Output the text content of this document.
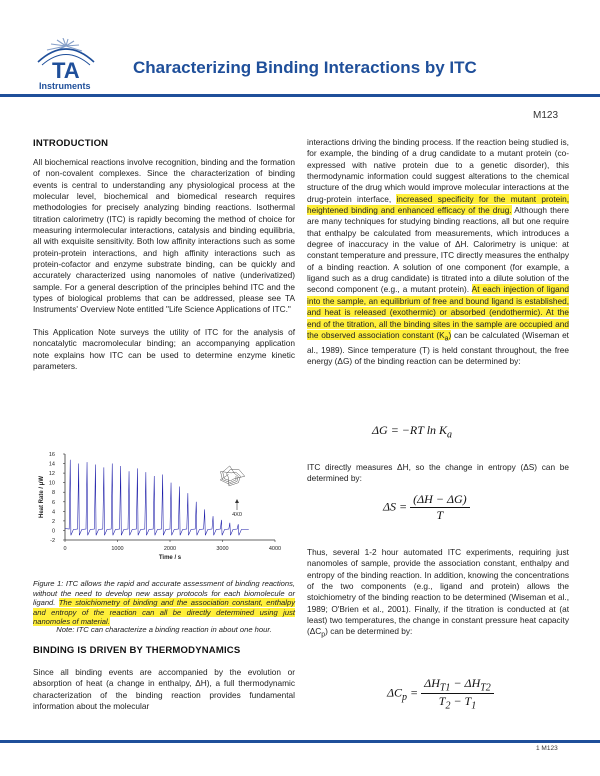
TA
Instruments
Characterizing Binding Interactions by ITC
M123
INTRODUCTION

All biochemical reactions involve recognition, binding and the formation of non-covalent complexes. Since the characterization of binding events is central to understanding any physiological process at the molecular level, biochemical and biomedical research requires methodologies for precisely analyzing binding reactions. Isothermal titration calorimetry (ITC) is rapidly becoming the method of choice for measuring intermolecular interactions, catalysis and binding equilibria, all with exquisite sensitivity. Both low affinity interactions such as some protein-protein interactions, and high affinity interactions such as protein-cofactor and enzyme substrate binding, can be quickly and accurately characterized using nanomoles of native (underivatized) sample. For a general description of the principles behind ITC and the types of biological problems that can be addressed, please see TA Instruments' Overview Note entitled "Life Science Applications of ITC."

This Application Note surveys the utility of ITC for the analysis of noncatalytic macromolecular binding; an accompanying application note explains how ITC can be used to determine enzyme kinetic parameters.

-2
0
2
4
6
8
10
12
14
16
0	1000	2000	3000	4000
Time / s
Heat Rate / μW	4X0
Figure 1: ITC allows the rapid and accurate assessment of binding reactions, without the need to develop new assay protocols for each biomolecule or ligand. The stoichiometry of binding and the association constant, enthalpy and entropy of the reaction can all be directly determined using just nanomoles of material.
Note: ITC can characterize a binding reaction in about one hour.
BINDING IS DRIVEN BY THERMODYNAMICS

Since all binding events are accompanied by the evolution or absorption of heat (a change in enthalpy, ΔH), a full thermodynamic characterization of the binding reaction provides fundamental information about the molecular

interactions driving the binding process. If the reaction being studied is, for example, the binding of a drug candidate to a mutant protein (co-expressed with native protein due to a genetic disorder), this thermodynamic information could suggest alterations to the chemical structure of the drug which would improve molecular interactions at the drug-protein interface, increased specificity for the mutant protein, heightened binding and enhanced efficacy of the drug. Although there are many techniques for studying binding reactions, all but one require that enthalpy be calculated from measurements, which introduces a degree of inaccuracy in the value of ΔH. Calorimetry is unique: at constant temperature and pressure, ITC directly measures the enthalpy of a binding reaction. A solution of one component (for example, a ligand such as a drug candidate) is titrated into a dilute solution of the second component (e.g., a mutant protein). At each injection of ligand into the sample, an equilibrium of free and bound ligand is established, and heat is released (exothermic) or absorbed (endothermic). At the end of the titration, all the binding sites in the sample are occupied and the observed association constant $(K_a)$ can be calculated (Wiseman et al., 1989). Since temperature (T) is held constant throughout, the free energy (ΔG) of the binding reaction can be determined by:

ΔG = −RT $\ln K_a$

ITC directly measures ΔH, so the change in entropy (ΔS) can be determined by:

$\Delta S = \frac{(\Delta H - \Delta G)}{T}$

Thus, several 1-2 hour automated ITC experiments, requiring just nanomoles of sample, provide the association constant, enthalpy and entropy of the binding reaction. In addition, knowing the concentrations of the two components (e.g., ligand and protein) allows the stoichiometry of the binding reaction to be determined (Wiseman et al., 1989; O'Brien et al., 2001). Finally, if the titration is conducted at (at least) two temperatures, the change in constant pressure heat capacity $(\Delta C_p)$ can be determined by:

$\Delta C_p = \frac{\Delta H_{T1} - \Delta H_{T2}}{T_2 - T_1}$
1 M123
